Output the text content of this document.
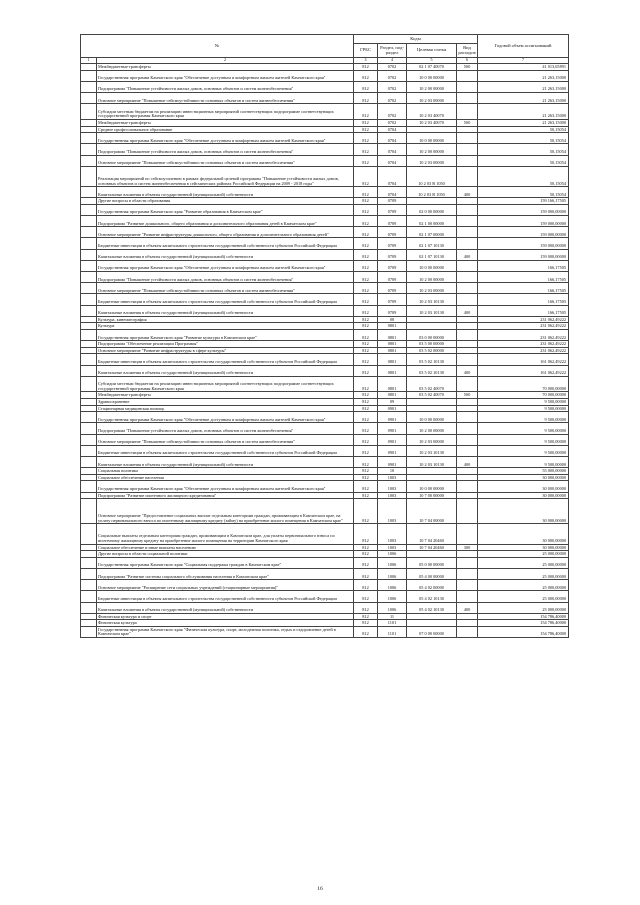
№		Коды				Годовой объем ассигнований
		ГРБС	Раздел, под-раздел	Целевая статья	Вид расходов	
1	2	3	4	5	6	7
	Межбюджетные трансферты	812	0702	02 1 07 40070	500	41 013,65891
	Государственная программа Камчатского края "Обеспечение доступным и комфортным жильем жителей Камчатского края"	812	0702	10 0 00 00000		21 263,15000
	Подпрограмма "Повышение устойчивости жилых домов, основных объектов и систем жизнеобеспечения"	812	0702	10 2 00 00000		21 263,15000
	Основное мероприятие "Повышение сейсмоустойчивости основных объектов и систем жизнеобеспечения"	812	0702	10 2 03 00000		21 263,15000
	Субсидии местным бюджетам на реализацию инвестиционных мероприятий соответствующих подпрограмме соответствующих государственной программы Камчатского края	812	0702	10 2 03 40070		21 263,15000
	Межбюджетные трансферты	812	0702	10 2 03 40070	500	21 263,15000
	Среднее профессиональное образование	812	0704			50,15054
	Государственная программа Камчатского края "Обеспечение доступным и комфортным жильем жителей Камчатского края"	812	0704	10 0 00 00000		50,15054
	Подпрограмма "Повышение устойчивости жилых домов, основных объектов и систем жизнеобеспечения"	812	0704	10 2 00 00000		50,15054
	Основное мероприятие "Повышение сейсмоустойчивости основных объектов и систем жизнеобеспечения"	812	0704	10 2 03 00000		50,15054
	Реализация мероприятий по сейсмоусилению в рамках федеральной целевой программы "Повышение устойчивости жилых домов, основных объектов и систем жизнеобеспечения в сейсмических районах Российской Федерации на 2009 - 2018 годы"	812	0704	10 2 03 R 1050		50,15054
	Капитальные вложения в объекты государственной (муниципальной) собственности	812	0704	10 2 03 R 1050	400	50,15054
	Другие вопросы в области образования	812	0709			159 166,17505
	Государственная программа Камчатского края "Развитие образования в Камчатском крае"	812	0709	02 0 00 00000		159 000,00000
	Подпрограмма "Развитие дошкольного, общего образования и дополнительного образования детей в Камчатском крае"	812	0709	02 1 00 00000		159 000,00000
	Основное мероприятие "Развитие инфраструктуры дошкольного, общего образования и дополнительного образования детей"	812	0709	02 1 07 00000		159 000,00000
	Бюджетные инвестиции в объекты капитального строительства государственной собственности субъектов Российской Федерации	812	0709	02 1 07 10130		159 000,00000
	Капитальные вложения в объекты государственной (муниципальной) собственности	812	0709	02 1 07 10130	400	159 000,00000
	Государственная программа Камчатского края "Обеспечение доступным и комфортным жильем жителей Камчатского края"	812	0709	10 0 00 00000		166,17505
	Подпрограмма "Повышение устойчивости жилых домов, основных объектов и систем жизнеобеспечения"	812	0709	10 2 00 00000		166,17505
	Основное мероприятие "Повышение сейсмоустойчивости основных объектов и систем жизнеобеспечения"	812	0709	10 2 03 00000		166,17505
	Бюджетные инвестиции в объекты капитального строительства государственной собственности субъектов Российской Федерации	812	0709	10 2 03 10130		166,17505
	Капитальные вложения в объекты государственной (муниципальной) собственности	812	0709	10 2 03 10130	400	166,17505
	Культура, кинематография	812	08			231 062,49222
	Культура	812	0801			231 062,49222
	Государственная программа Камчатского края "Развитие культуры в Камчатском крае"	812	0801	03 0 00 00000		231 062,49222
	Подпрограмма "Обеспечение реализации Программы"	812	0801	03 5 00 00000		231 062,49222
	Основное мероприятие "Развитие инфраструктуры в сфере культуры"	812	0801	03 5 02 00000		231 062,49222
	Бюджетные инвестиции в объекты капитального строительства государственной собственности субъектов Российской Федерации	812	0801	03 5 02 10130		161 062,49222
	Капитальные вложения в объекты государственной (муниципальной) собственности	812	0801	03 5 02 10130	400	161 062,49222
	Субсидии местным бюджетам на реализацию инвестиционных мероприятий соответствующих подпрограмме соответствующих государственной программы Камчатского края	812	0801	03 5 02 40070		70 000,00000
	Межбюджетные трансферты	812	0801	03 5 02 40070	500	70 000,00000
	Здравоохранение	812	09			9 500,00000
	Стационарная медицинская помощь	812	0901			9 500,00000
	Государственная программа Камчатского края "Обеспечение доступным и комфортным жильем жителей Камчатского края"	812	0901	10 0 00 00000		9 500,00000
	Подпрограмма "Повышение устойчивости жилых домов, основных объектов и систем жизнеобеспечения"	812	0901	10 2 00 00000		9 500,00000
	Основное мероприятие "Повышение сейсмоустойчивости основных объектов и систем жизнеобеспечения"	812	0901	10 2 03 00000		9 500,00000
	Бюджетные инвестиции в объекты капитального строительства государственной собственности субъектов Российской Федерации	812	0901	10 2 03 10130		9 500,00000
	Капитальные вложения в объекты государственной (муниципальной) собственности	812	0901	10 2 03 10130	400	9 500,00000
	Социальная политика	812	10			55 000,00000
	Социальное обеспечение населения	812	1003			30 000,00000
	Государственная программа Камчатского края "Обеспечение доступным и комфортным жильем жителей Камчатского края"	812	1003	10 0 00 00000		30 000,00000
	Подпрограмма "Развитие ипотечного жилищного кредитования"	812	1003	10 7 00 00000		30 000,00000
	Основное мероприятие "Предоставление социальных выплат отдельным категориям граждан, проживающим в Камчатском крае, на уплату первоначального взноса по ипотечному жилищному кредиту (займу) на приобретение жилого помещения в Камчатском крае"	812	1003	10 7 04 00000		30 000,00000
	Социальные выплаты отдельным категориям граждан, проживающим в Камчатском крае, для уплаты первоначального взноса по ипотечному жилищному кредиту на приобретение жилого помещения на территории Камчатского края	812	1003	10 7 04 20460		30 000,00000
	Социальное обеспечение и иные выплаты населению	812	1003	10 7 04 20460	300	30 000,00000
	Другие вопросы в области социальной политики	812	1006			25 000,00000
	Государственная программа Камчатского края "Социальная поддержка граждан в Камчатском крае"	812	1006	05 0 00 00000		25 000,00000
	Подпрограмма "Развитие системы социального обслуживания населения в Камчатском крае"	812	1006	05 4 00 00000		25 000,00000
	Основное мероприятие "Расширение сети социальных учреждений (стационарные мероприятия)"	812	1006	05 4 02 00000		25 000,00000
	Бюджетные инвестиции в объекты капитального строительства государственной собственности субъектов Российской Федерации	812	1006	05 4 02 10130		25 000,00000
	Капитальные вложения в объекты государственной (муниципальной) собственности	812	1006	05 4 02 10130	400	25 000,00000
	Физическая культура и спорт	812	11			154 786,40000
	Физическая культура	812	1101			154 786,40000
	Государственная программа Камчатского края "Физическая культура, спорт, молодежная политика, отдых и оздоровление детей в Камчатском крае"	812	1101	07 0 00 00000		154 786,40000
16
